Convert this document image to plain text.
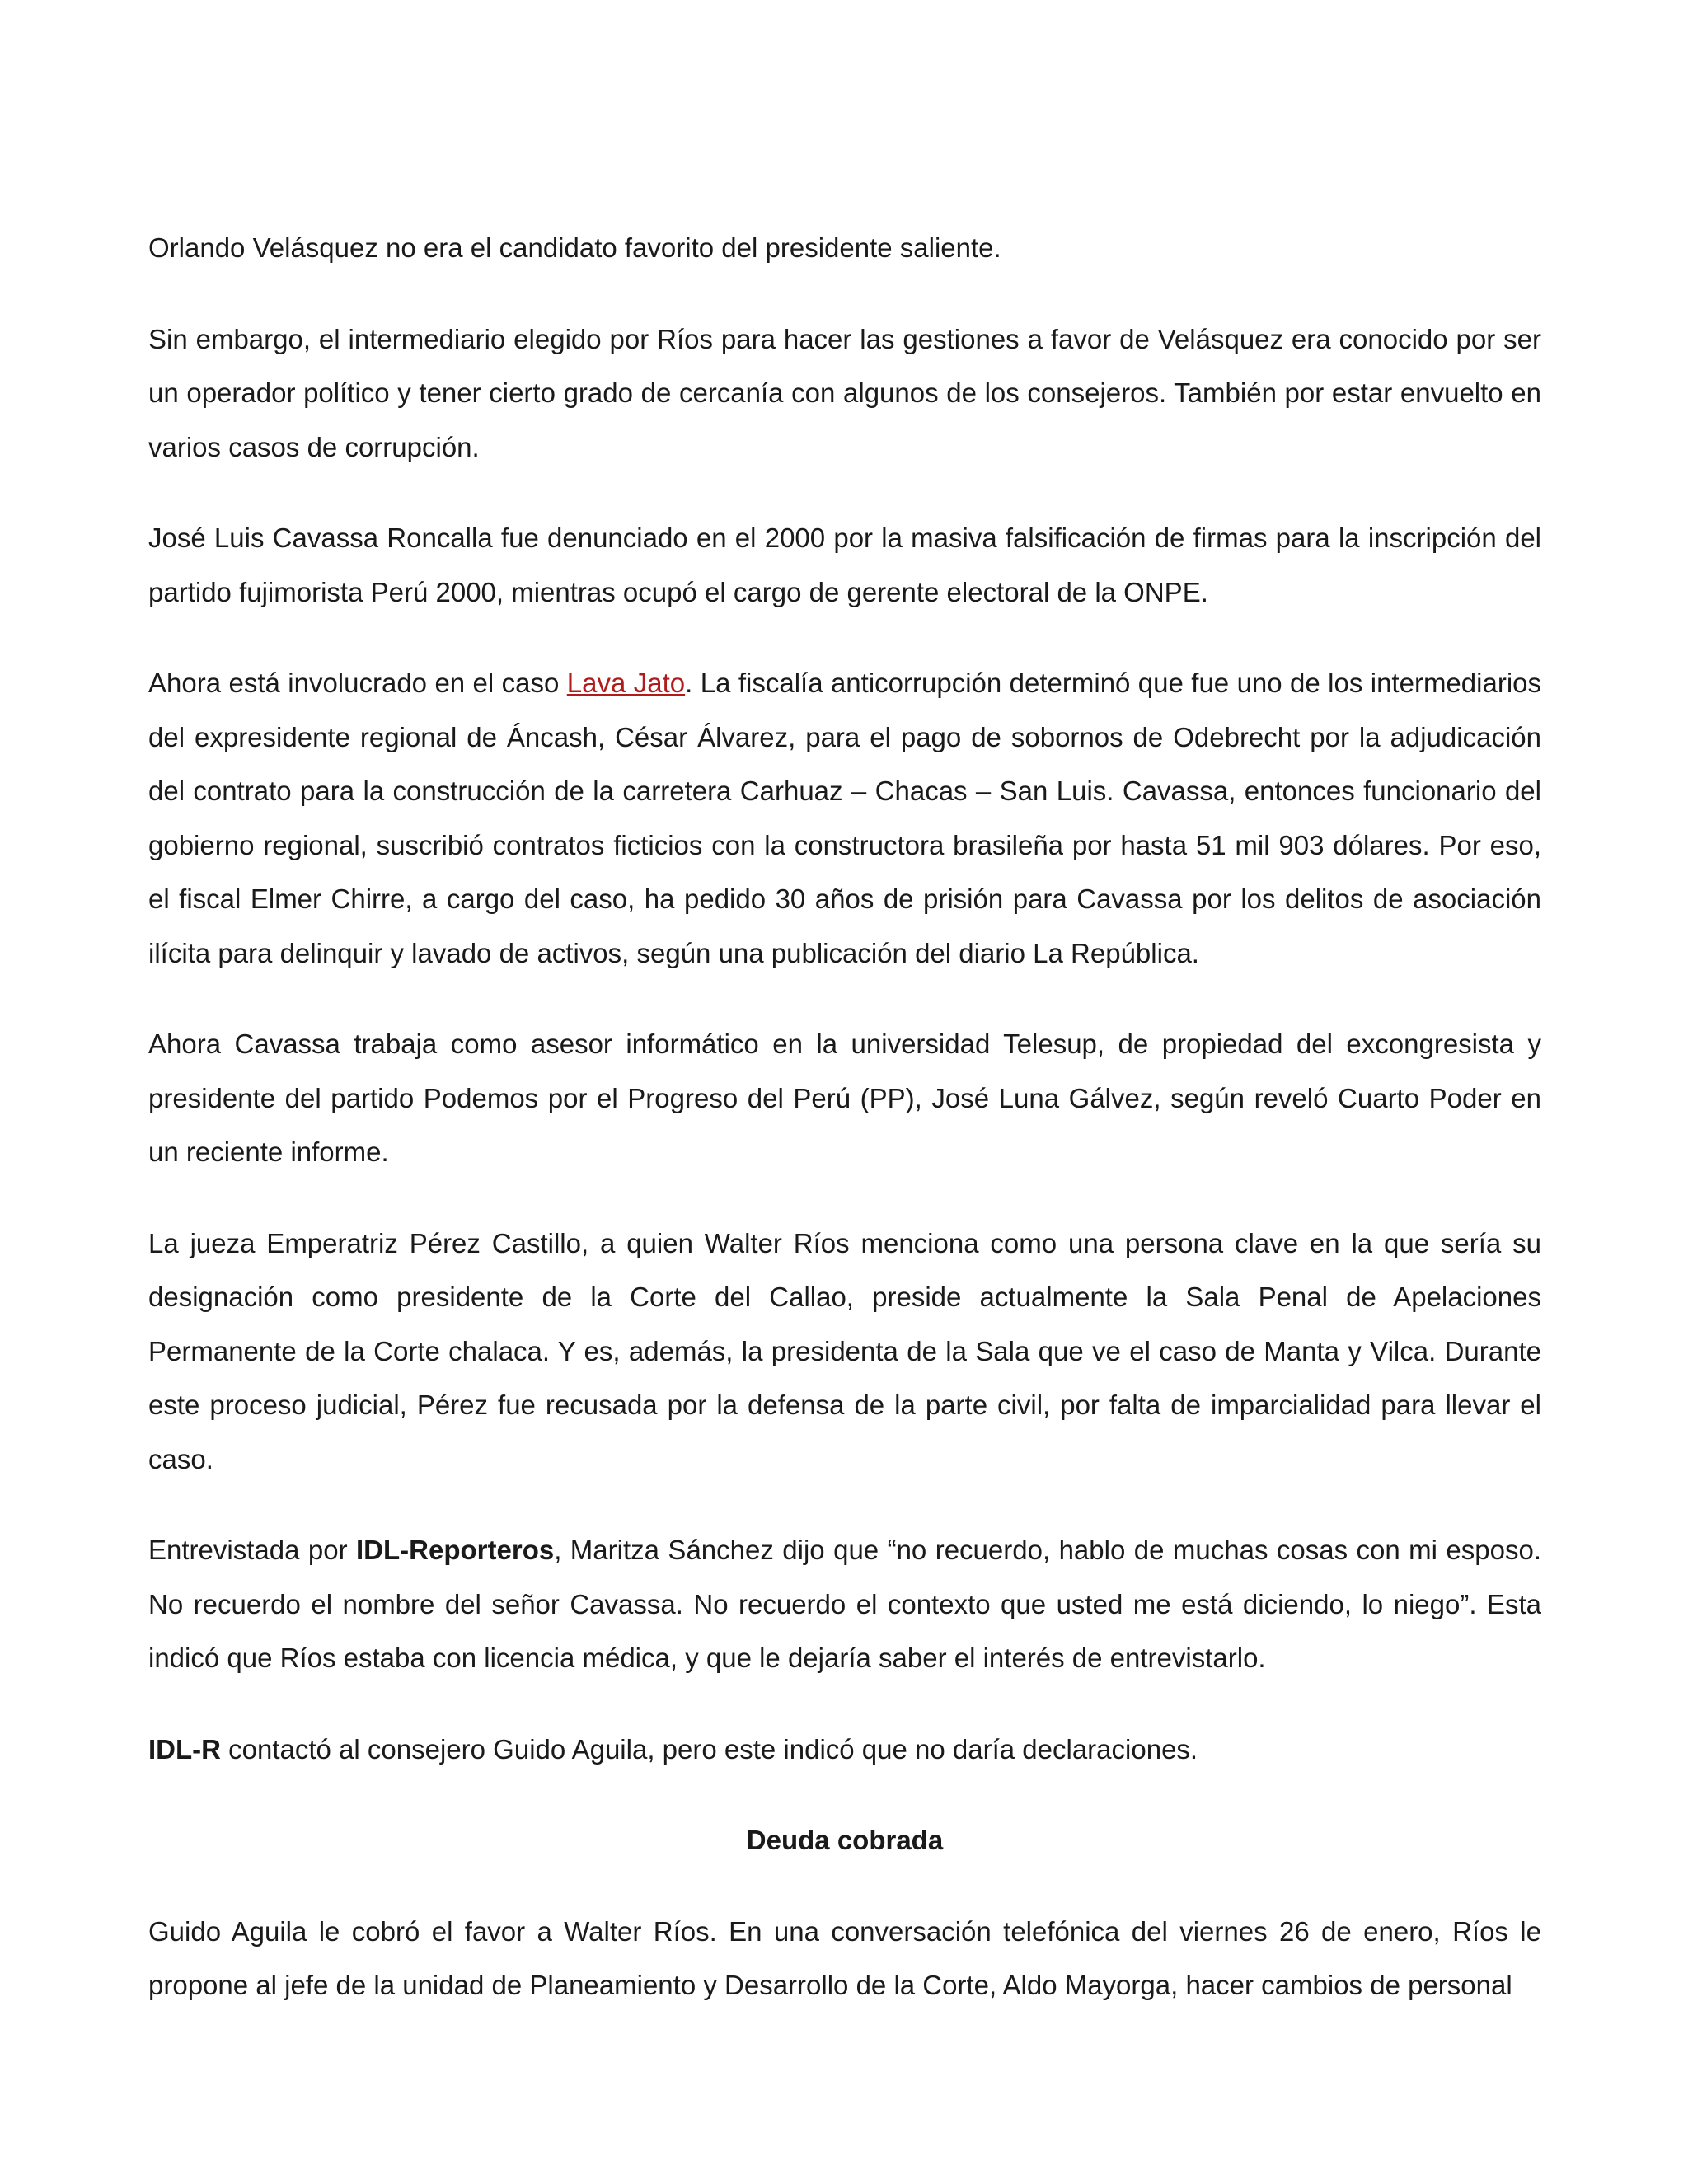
Orlando Velásquez no era el candidato favorito del presidente saliente.

Sin embargo, el intermediario elegido por Ríos para hacer las gestiones a favor de Velásquez era conocido por ser un operador político y tener cierto grado de cercanía con algunos de los consejeros. También por estar envuelto en varios casos de corrupción.

José Luis Cavassa Roncalla fue denunciado en el 2000 por la masiva falsificación de firmas para la inscripción del partido fujimorista Perú 2000, mientras ocupó el cargo de gerente electoral de la ONPE.

Ahora está involucrado en el caso Lava Jato. La fiscalía anticorrupción determinó que fue uno de los intermediarios del expresidente regional de Áncash, César Álvarez, para el pago de sobornos de Odebrecht por la adjudicación del contrato para la construcción de la carretera Carhuaz – Chacas – San Luis. Cavassa, entonces funcionario del gobierno regional, suscribió contratos ficticios con la constructora brasileña por hasta 51 mil 903 dólares. Por eso, el fiscal Elmer Chirre, a cargo del caso, ha pedido 30 años de prisión para Cavassa por los delitos de asociación ilícita para delinquir y lavado de activos, según una publicación del diario La República.

Ahora Cavassa trabaja como asesor informático en la universidad Telesup, de propiedad del excongresista y presidente del partido Podemos por el Progreso del Perú (PP), José Luna Gálvez, según reveló Cuarto Poder en un reciente informe.

La jueza Emperatriz Pérez Castillo, a quien Walter Ríos menciona como una persona clave en la que sería su designación como presidente de la Corte del Callao, preside actualmente la Sala Penal de Apelaciones Permanente de la Corte chalaca. Y es, además, la presidenta de la Sala que ve el caso de Manta y Vilca. Durante este proceso judicial, Pérez fue recusada por la defensa de la parte civil, por falta de imparcialidad para llevar el caso.

Entrevistada por IDL-Reporteros, Maritza Sánchez dijo que “no recuerdo, hablo de muchas cosas con mi esposo. No recuerdo el nombre del señor Cavassa. No recuerdo el contexto que usted me está diciendo, lo niego”. Esta indicó que Ríos estaba con licencia médica, y que le dejaría saber el interés de entrevistarlo.

IDL-R contactó al consejero Guido Aguila, pero este indicó que no daría declaraciones.

Deuda cobrada

Guido Aguila le cobró el favor a Walter Ríos. En una conversación telefónica del viernes 26 de enero, Ríos le propone al jefe de la unidad de Planeamiento y Desarrollo de la Corte, Aldo Mayorga, hacer cambios de personal
